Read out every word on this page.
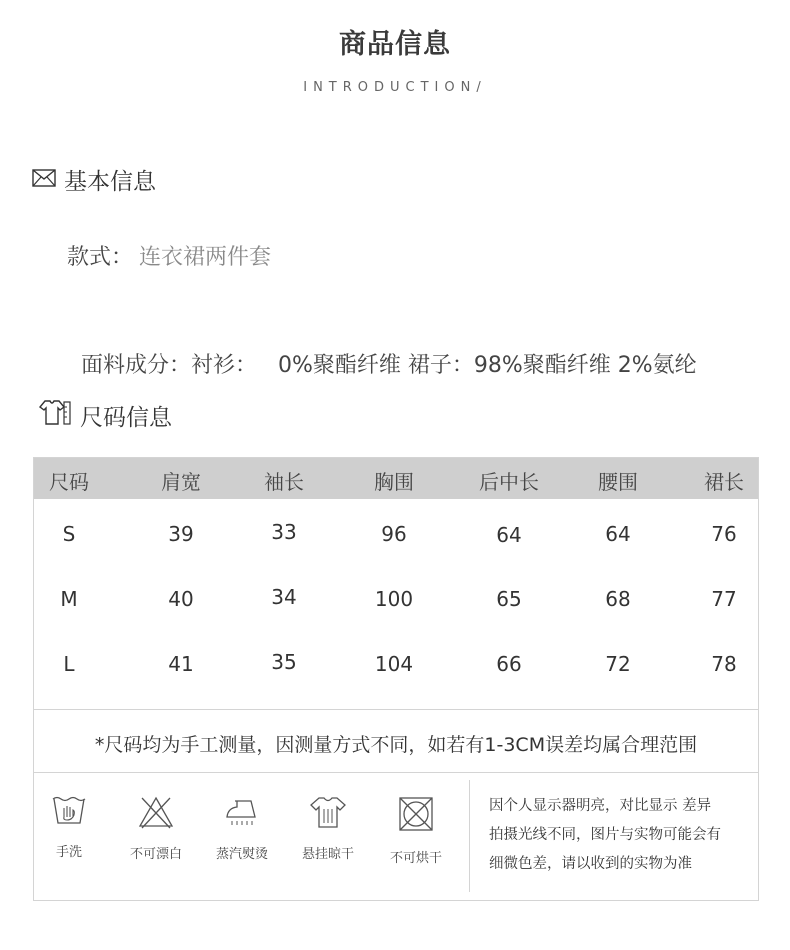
商品信息
INTRODUCTION/
基本信息
款式： 连衣裙两件套

面料成分：衬衫：   0%聚酯纤维 裙子：98%聚酯纤维 2%氨纶

尺码信息
尺码	肩宽	袖长	胸围	后中长	腰围	裙长
S	39	33	96	64	64	76
M	40	34	100	65	68	77
L	41	35	104	66	72	78
*尺码均为手工测量，因测量方式不同，如若有1-3CM误差均属合理范围
手洗	不可漂白	蒸汽熨烫	悬挂晾干	不可烘干
因个人显示器明亮，对比显示 差异
拍摄光线不同，图片与实物可能会有
细微色差，请以收到的实物为准
